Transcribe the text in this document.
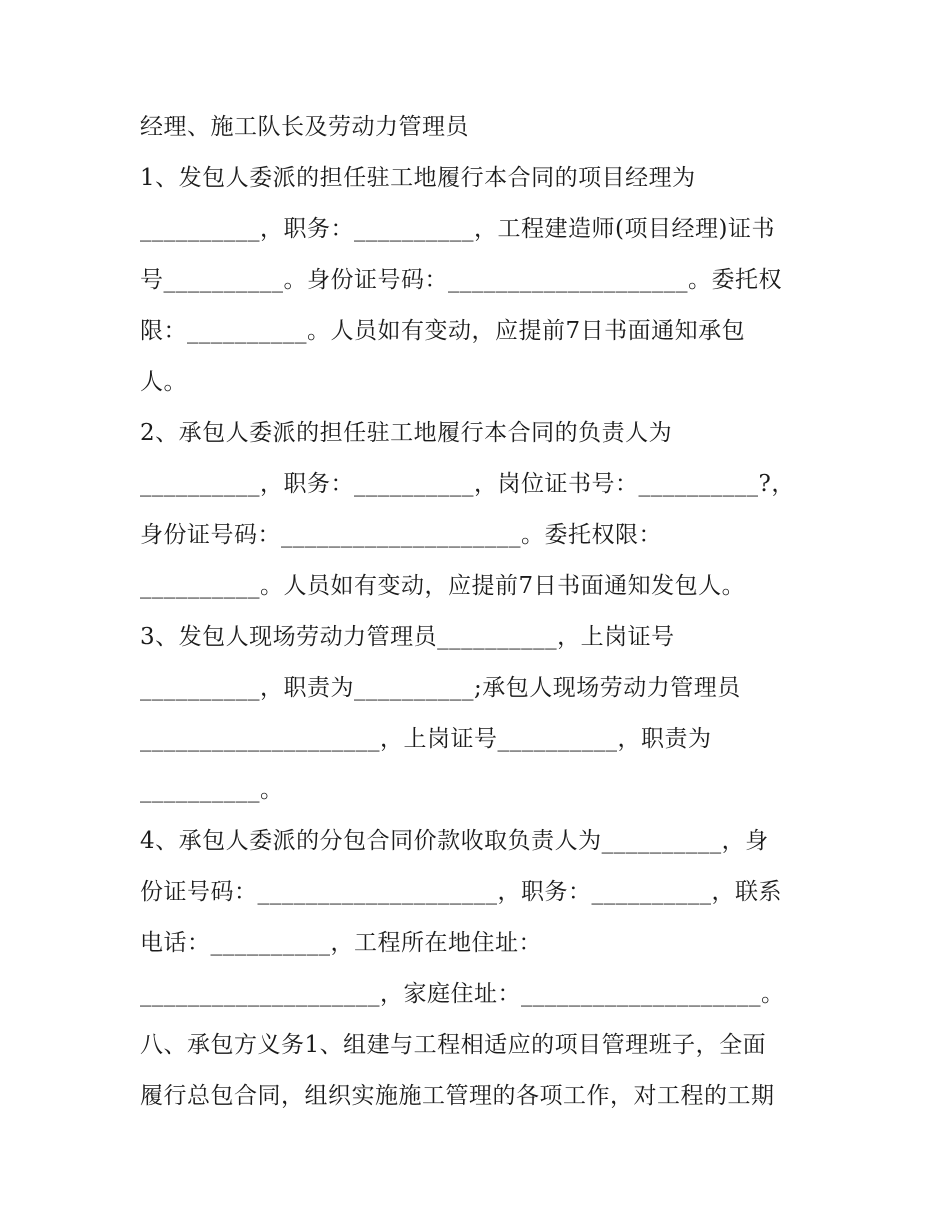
经理、施工队长及劳动力管理员
1、发包人委派的担任驻工地履行本合同的项目经理为
__________，职务：__________，工程建造师(项目经理)证书
号__________。身份证号码：____________________。委托权
限：__________。人员如有变动，应提前7日书面通知承包
人。
2、承包人委派的担任驻工地履行本合同的负责人为
__________，职务：__________，岗位证书号：__________?，
身份证号码：____________________。委托权限：
__________。人员如有变动，应提前7日书面通知发包人。
3、发包人现场劳动力管理员__________，上岗证号
__________，职责为__________;承包人现场劳动力管理员
____________________，上岗证号__________，职责为
__________。
4、承包人委派的分包合同价款收取负责人为__________，身
份证号码：____________________，职务：__________，联系
电话：__________，工程所在地住址：
____________________，家庭住址：____________________。
八、承包方义务1、组建与工程相适应的项目管理班子，全面
履行总包合同，组织实施施工管理的各项工作，对工程的工期
